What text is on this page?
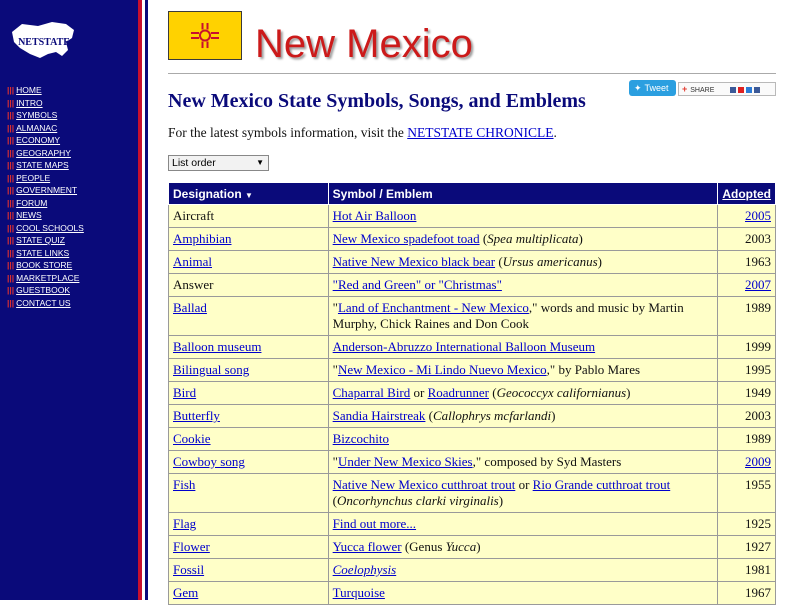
NETSTATE
||| HOME
||| INTRO
||| SYMBOLS
||| ALMANAC
||| ECONOMY
||| GEOGRAPHY
||| STATE MAPS
||| PEOPLE
||| GOVERNMENT
||| FORUM
||| NEWS
||| COOL SCHOOLS
||| STATE QUIZ
||| STATE LINKS
||| BOOK STORE
||| MARKETPLACE
||| GUESTBOOK
||| CONTACT US
New Mexico
✦ Tweet	+ SHARE
New Mexico State Symbols, Songs, and Emblems

For the latest symbols information, visit the NETSTATE CHRONICLE.

List order	▼
Designation ▼	Symbol / Emblem	Adopted
Aircraft	Hot Air Balloon	2005
Amphibian	New Mexico spadefoot toad (Spea multiplicata)	2003
Animal	Native New Mexico black bear (Ursus americanus)	1963
Answer	"Red and Green" or "Christmas"	2007
Ballad	"Land of Enchantment - New Mexico," words and music by Martin Murphy, Chick Raines and Don Cook	1989
Balloon museum	Anderson-Abruzzo International Balloon Museum	1999
Bilingual song	"New Mexico - Mi Lindo Nuevo Mexico," by Pablo Mares	1995
Bird	Chaparral Bird or Roadrunner (Geococcyx californianus)	1949
Butterfly	Sandia Hairstreak (Callophrys mcfarlandi)	2003
Cookie	Bizcochito	1989
Cowboy song	"Under New Mexico Skies," composed by Syd Masters	2009
Fish	Native New Mexico cutthroat trout or Rio Grande cutthroat trout (Oncorhynchus clarki virginalis)	1955
Flag	Find out more...	1925
Flower	Yucca flower (Genus Yucca)	1927
Fossil	Coelophysis	1981
Gem	Turquoise	1967
